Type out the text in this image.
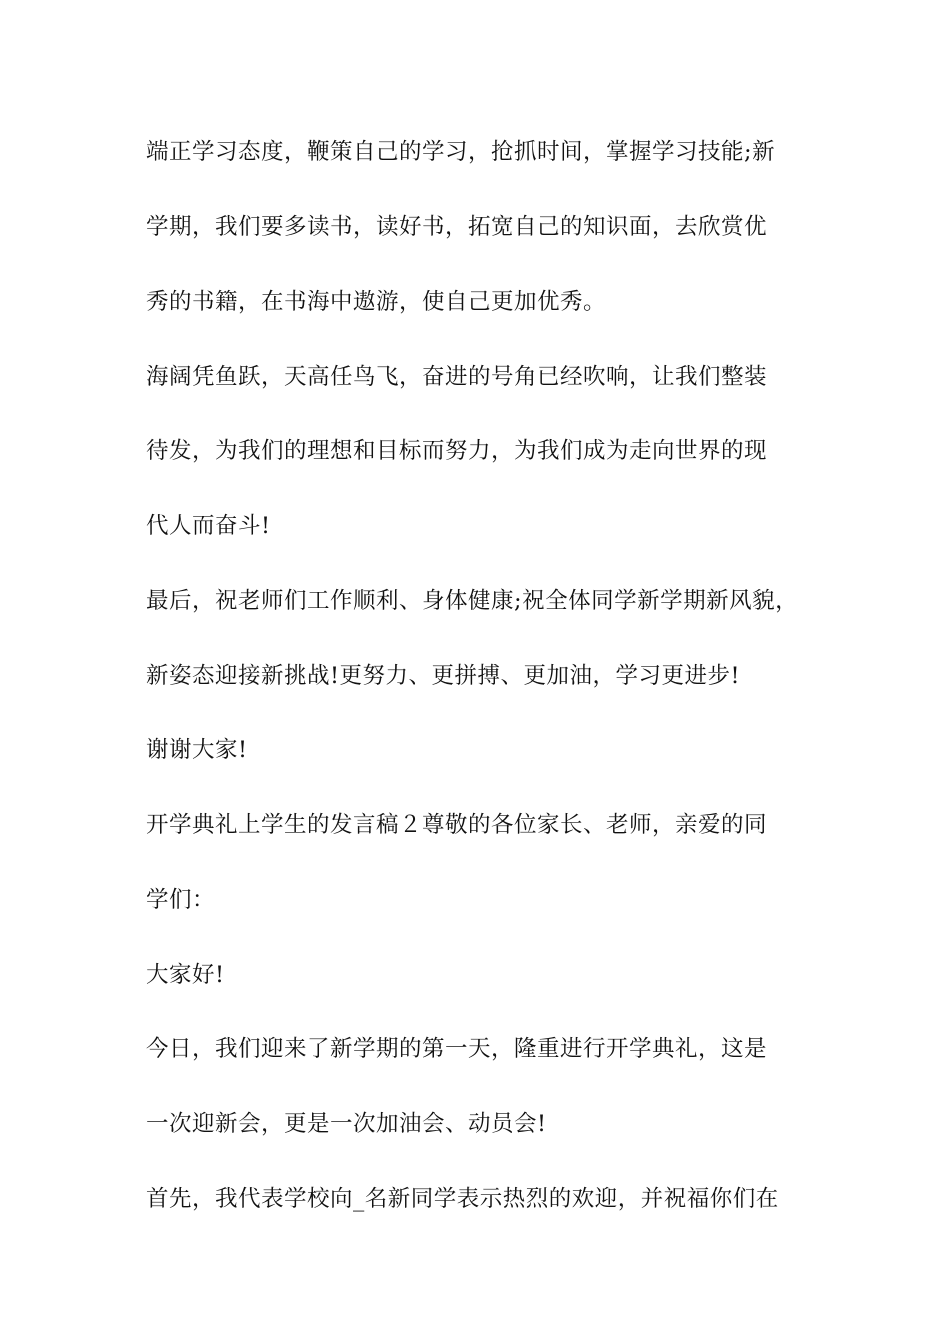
端正学习态度，鞭策自己的学习，抢抓时间，掌握学习技能;新
学期，我们要多读书，读好书，拓宽自己的知识面，去欣赏优
秀的书籍，在书海中遨游，使自己更加优秀。
海阔凭鱼跃，天高任鸟飞，奋进的号角已经吹响，让我们整装
待发，为我们的理想和目标而努力，为我们成为走向世界的现
代人而奋斗!
最后，祝老师们工作顺利、身体健康;祝全体同学新学期新风貌，
新姿态迎接新挑战!更努力、更拼搏、更加油，学习更进步!
谢谢大家!
开学典礼上学生的发言稿２尊敬的各位家长、老师，亲爱的同
学们：
大家好!
今日，我们迎来了新学期的第一天，隆重进行开学典礼，这是
一次迎新会，更是一次加油会、动员会!
首先，我代表学校向_名新同学表示热烈的欢迎，并祝福你们在
